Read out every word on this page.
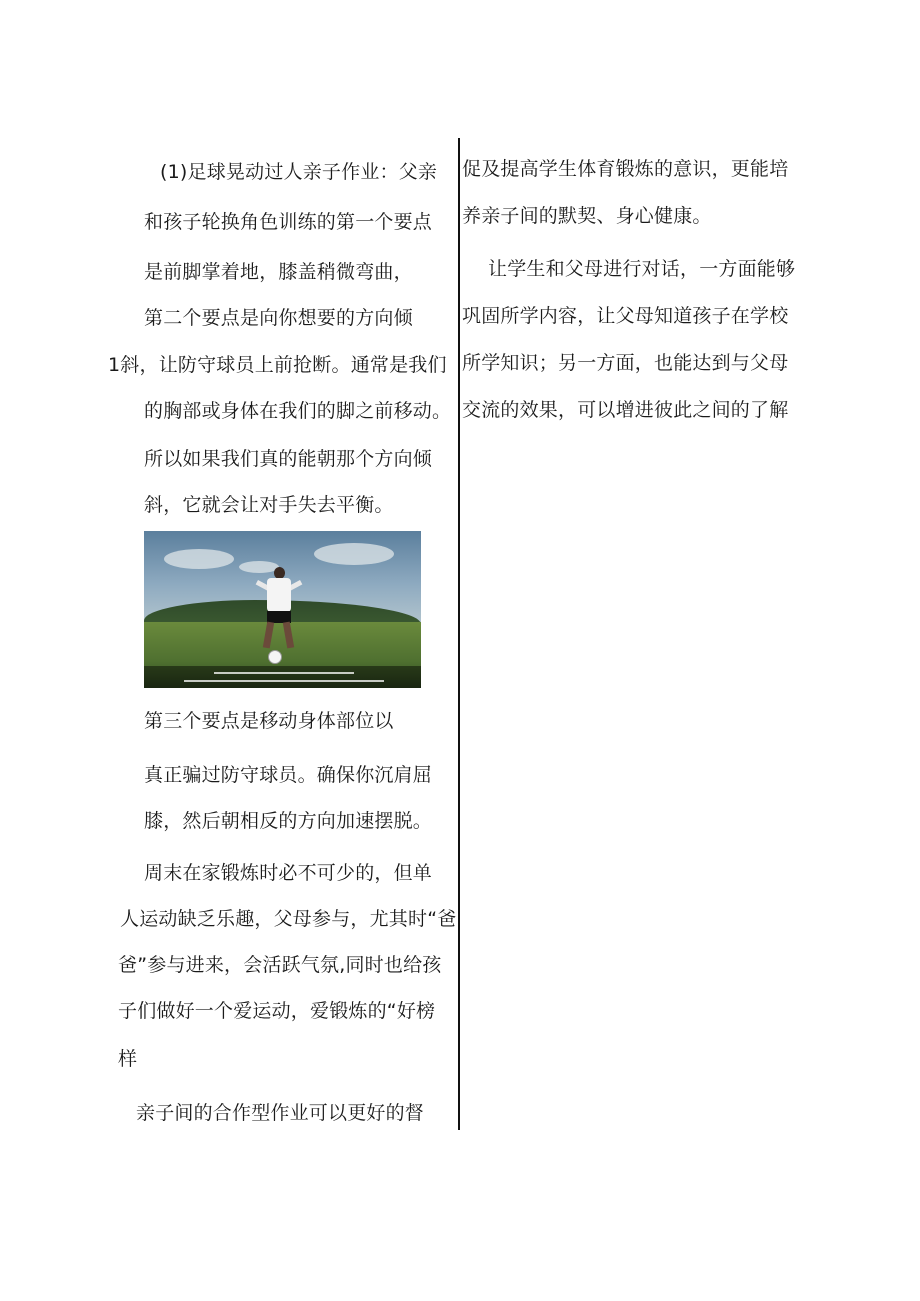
(1)足球晃动过人亲子作业：父亲
和孩子轮换角色训练的第一个要点
是前脚掌着地，膝盖稍微弯曲，
第二个要点是向你想要的方向倾
1斜，让防守球员上前抢断。通常是我们
的胸部或身体在我们的脚之前移动。
所以如果我们真的能朝那个方向倾
斜，它就会让对手失去平衡。
第三个要点是移动身体部位以
真正骗过防守球员。确保你沉肩屈
膝，然后朝相反的方向加速摆脱。
周末在家锻炼时必不可少的，但单
人运动缺乏乐趣，父母参与，尤其时“爸
爸”参与进来，会活跃气氛,同时也给孩
子们做好一个爱运动，爱锻炼的“好榜
样
亲子间的合作型作业可以更好的督
促及提高学生体育锻炼的意识，更能培
养亲子间的默契、身心健康。
让学生和父母进行对话，一方面能够
巩固所学内容，让父母知道孩子在学校
所学知识；另一方面，也能达到与父母
交流的效果，可以增进彼此之间的了解
